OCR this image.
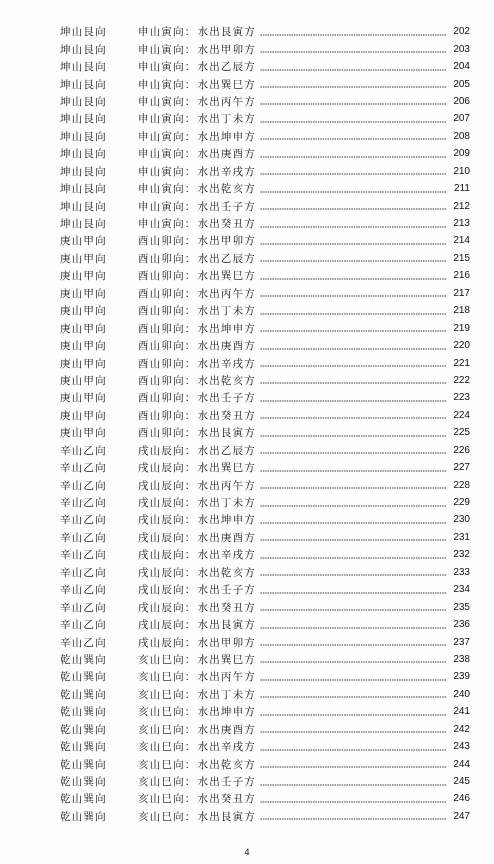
坤山艮向	申山寅向： 水出艮寅方	202
坤山艮向	申山寅向： 水出甲卯方	203
坤山艮向	申山寅向： 水出乙辰方	204
坤山艮向	申山寅向： 水出巽巳方	205
坤山艮向	申山寅向： 水出丙午方	206
坤山艮向	申山寅向： 水出丁未方	207
坤山艮向	申山寅向： 水出坤申方	208
坤山艮向	申山寅向： 水出庚酉方	209
坤山艮向	申山寅向： 水出辛戌方	210
坤山艮向	申山寅向： 水出乾亥方	211
坤山艮向	申山寅向： 水出壬子方	212
坤山艮向	申山寅向： 水出癸丑方	213
庚山甲向	酉山卯向： 水出甲卯方	214
庚山甲向	酉山卯向： 水出乙辰方	215
庚山甲向	酉山卯向： 水出巽巳方	216
庚山甲向	酉山卯向： 水出丙午方	217
庚山甲向	酉山卯向： 水出丁未方	218
庚山甲向	酉山卯向： 水出坤申方	219
庚山甲向	酉山卯向： 水出庚酉方	220
庚山甲向	酉山卯向： 水出辛戌方	221
庚山甲向	酉山卯向： 水出乾亥方	222
庚山甲向	酉山卯向： 水出壬子方	223
庚山甲向	酉山卯向： 水出癸丑方	224
庚山甲向	酉山卯向： 水出艮寅方	225
辛山乙向	戌山辰向： 水出乙辰方	226
辛山乙向	戌山辰向： 水出巽巳方	227
辛山乙向	戌山辰向： 水出丙午方	228
辛山乙向	戌山辰向： 水出丁未方	229
辛山乙向	戌山辰向： 水出坤申方	230
辛山乙向	戌山辰向： 水出庚酉方	231
辛山乙向	戌山辰向： 水出辛戌方	232
辛山乙向	戌山辰向： 水出乾亥方	233
辛山乙向	戌山辰向： 水出壬子方	234
辛山乙向	戌山辰向： 水出癸丑方	235
辛山乙向	戌山辰向： 水出艮寅方	236
辛山乙向	戌山辰向： 水出甲卯方	237
乾山巽向	亥山巳向： 水出巽巳方	238
乾山巽向	亥山巳向： 水出丙午方	239
乾山巽向	亥山巳向： 水出丁未方	240
乾山巽向	亥山巳向： 水出坤申方	241
乾山巽向	亥山巳向： 水出庚酉方	242
乾山巽向	亥山巳向： 水出辛戌方	243
乾山巽向	亥山巳向： 水出乾亥方	244
乾山巽向	亥山巳向： 水出壬子方	245
乾山巽向	亥山巳向： 水出癸丑方	246
乾山巽向	亥山巳向： 水出艮寅方	247
4
